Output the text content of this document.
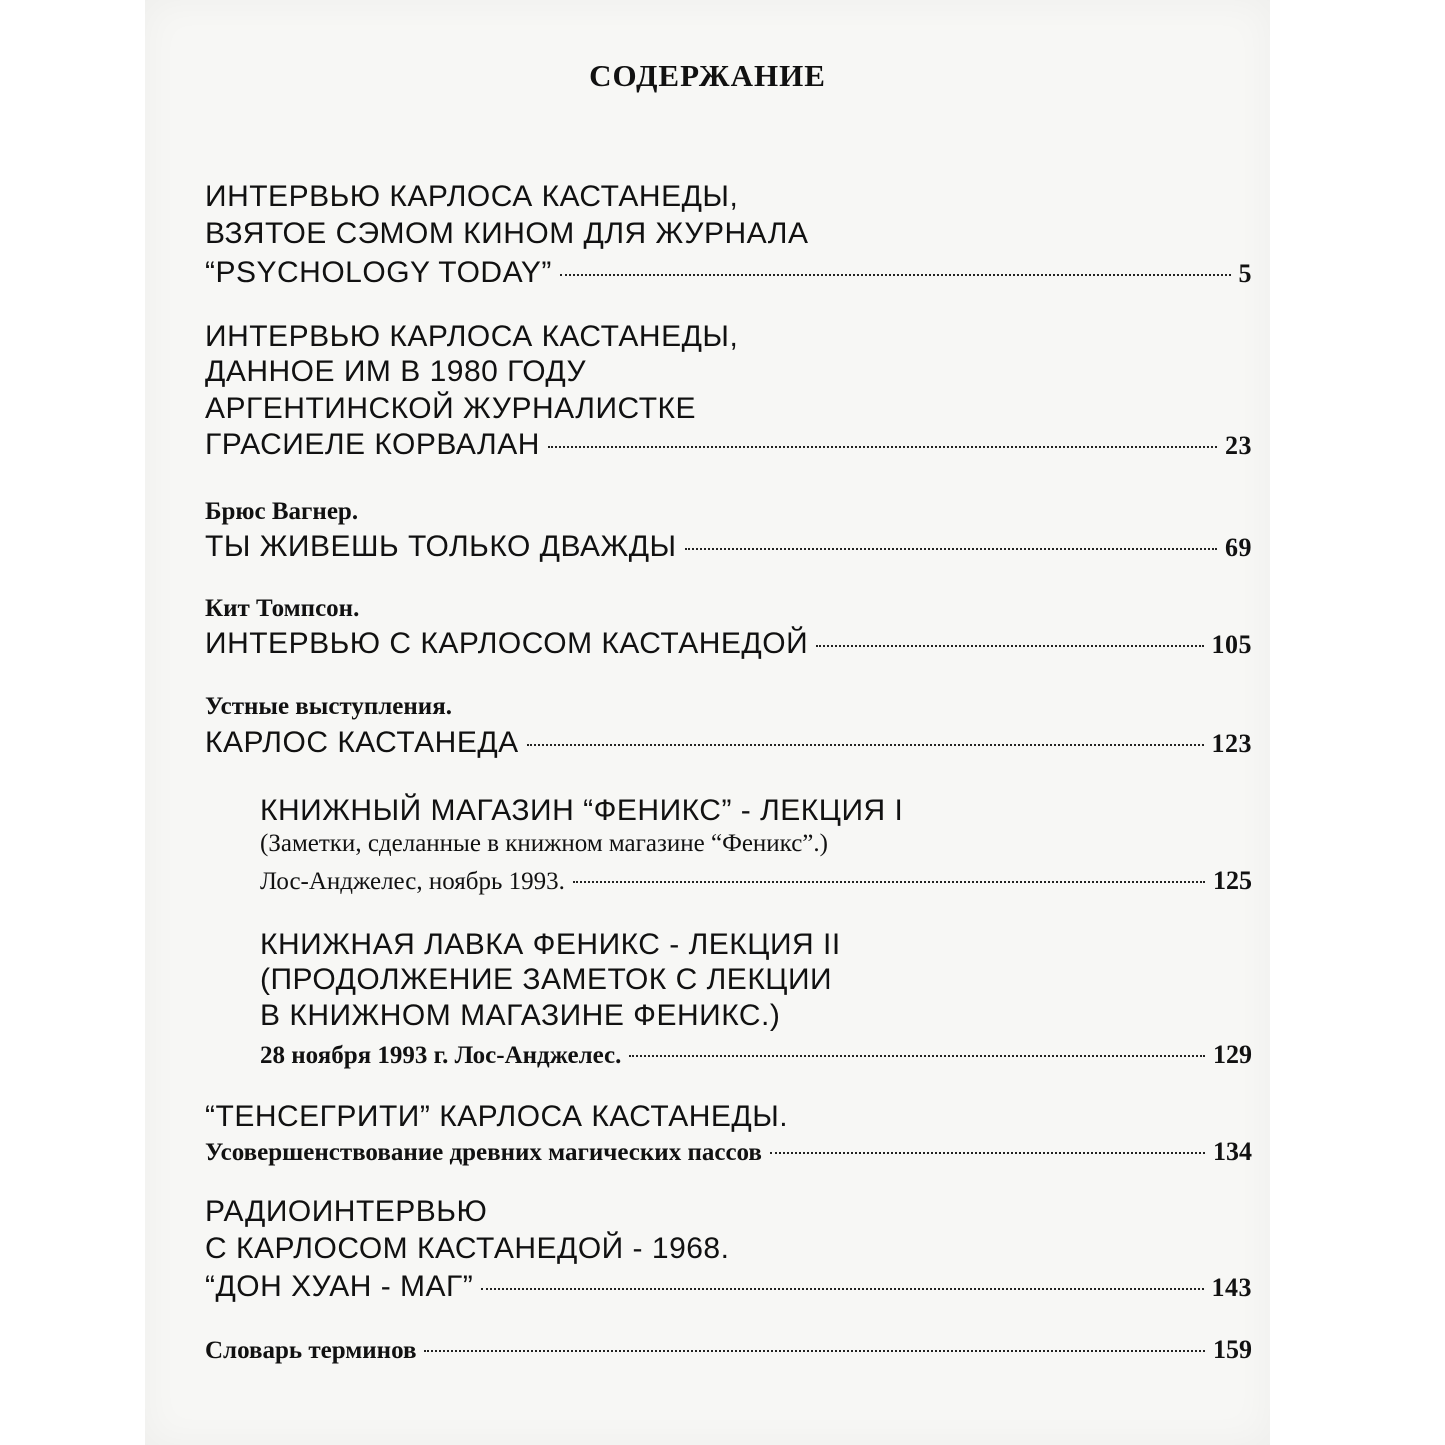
СОДЕРЖАНИЕ
ИНТЕРВЬЮ КАРЛОСА КАСТАНЕДЫ,
ВЗЯТОЕ СЭМОМ КИНОМ ДЛЯ ЖУРНАЛА
“PSYCHOLOGY TODAY”	5
ИНТЕРВЬЮ КАРЛОСА КАСТАНЕДЫ,
ДАННОЕ ИМ В 1980 ГОДУ
АРГЕНТИНСКОЙ ЖУРНАЛИСТКЕ
ГРАСИЕЛЕ КОРВАЛАН	23
Брюс Вагнер.
ТЫ ЖИВЕШЬ ТОЛЬКО ДВАЖДЫ	69
Кит Томпсон.
ИНТЕРВЬЮ С КАРЛОСОМ КАСТАНЕДОЙ	105
Устные выступления.
КАРЛОС КАСТАНЕДА	123
КНИЖНЫЙ МАГАЗИН “ФЕНИКС” - ЛЕКЦИЯ I
(Заметки, сделанные в книжном магазине “Феникс”.)
Лос-Анджелес, ноябрь 1993.	125
КНИЖНАЯ ЛАВКА ФЕНИКС - ЛЕКЦИЯ II
(ПРОДОЛЖЕНИЕ ЗАМЕТОК С ЛЕКЦИИ
В КНИЖНОМ МАГАЗИНЕ ФЕНИКС.)
28 ноября 1993 г. Лос-Анджелес.	129
“ТЕНСЕГРИТИ” КАРЛОСА КАСТАНЕДЫ.
Усовершенствование древних магических пассов	134
РАДИОИНТЕРВЬЮ
С КАРЛОСОМ КАСТАНЕДОЙ - 1968.
“ДОН ХУАН - МАГ”	143
Словарь терминов	159
